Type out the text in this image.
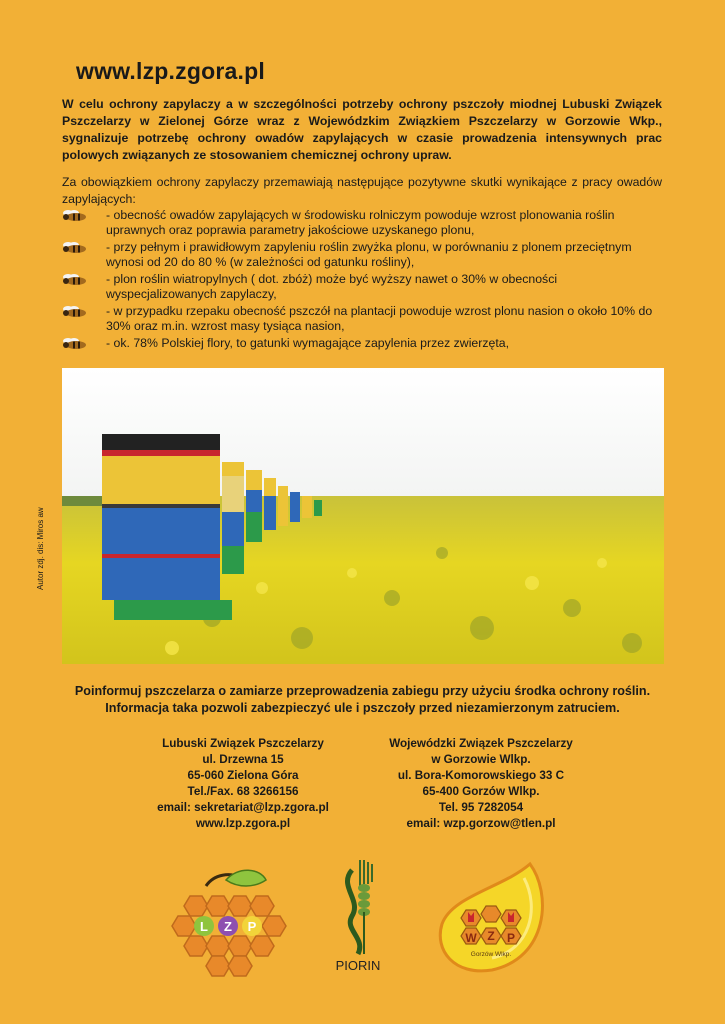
www.lzp.zgora.pl
W celu ochrony zapylaczy a w szczególności potrzeby ochrony pszczoły miodnej Lubuski Związek Pszczelarzy w Zielonej Górze wraz z Wojewódzkim Związkiem Pszczelarzy w Gorzowie Wkp., sygnalizuje potrzebę ochrony owadów zapylających w czasie prowadzenia intensywnych prac polowych związanych ze stosowaniem chemicznej ochrony upraw.
Za obowiązkiem ochrony zapylaczy przemawiają następujące pozytywne skutki wynikające z pracy owadów zapylających:
- obecność owadów zapylających w środowisku rolniczym powoduje wzrost plonowania roślin uprawnych oraz poprawia parametry jakościowe uzyskanego plonu,
- przy pełnym i prawidłowym zapyleniu roślin zwyżka plonu, w porównaniu z plonem przeciętnym wynosi od 20 do 80 % (w zależności od gatunku rośliny),
- plon roślin wiatropylnych ( dot. zbóż) może być wyższy nawet o 30% w obecności wyspecjalizowanych zapylaczy,
- w przypadku rzepaku obecność pszczół na plantacji powoduje wzrost plonu nasion o około 10% do 30% oraz m.in. wzrost masy tysiąca nasion,
- ok. 78% Polskiej flory, to gatunki wymagające zapylenia przez zwierzęta,
Autor zdj. dis: Miros aw
Poinformuj pszczelarza o zamiarze przeprowadzenia zabiegu przy użyciu środka ochrony roślin.
Informacja taka pozwoli zabezpieczyć ule i pszczoły przed niezamierzonym zatruciem.
Lubuski Związek Pszczelarzy
ul. Drzewna 15
65-060 Zielona Góra
Tel./Fax. 68 3266156
email: sekretariat@lzp.zgora.pl
www.lzp.zgora.pl
Wojewódzki Związek Pszczelarzy
w Gorzowie Wlkp.
ul. Bora-Komorowskiego 33 C
65-400 Gorzów Wlkp.
Tel. 95 7282054
email: wzp.gorzow@tlen.pl
L Z P
PIORIN
W Z P
Gorzów Wlkp.
